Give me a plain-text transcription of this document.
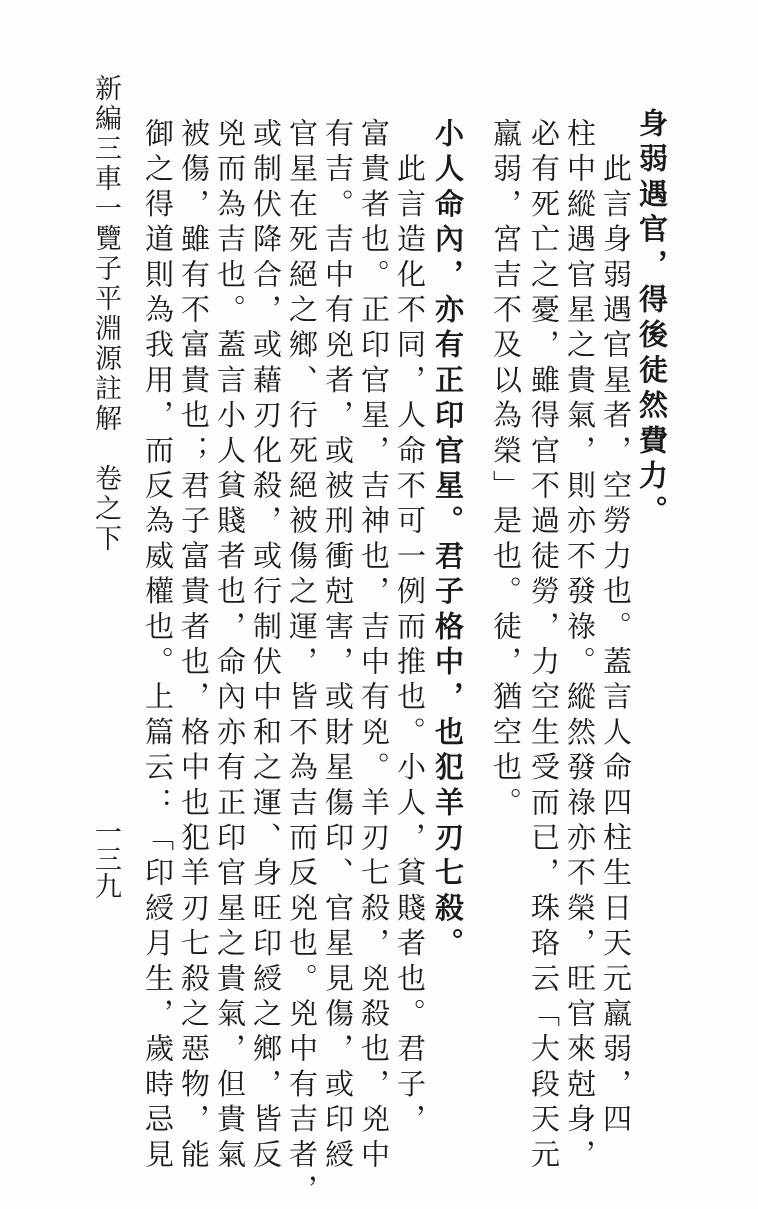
身弱遇官，得後徒然費力。
　此言身弱遇官星者，空勞力也。蓋言人命四柱生日天元羸弱，四
柱中縱遇官星之貴氣，則亦不發祿。縱然發祿亦不榮，旺官來尅身，
必有死亡之憂，雖得官不過徒勞，力空生受而已，珠珞云「大段天元
羸弱，宮吉不及以為榮」是也。徒，猶空也。
小人命內，亦有正印官星。君子格中，也犯羊刃七殺。
　此言造化不同，人命不可一例而推也。小人，貧賤者也。君子，
富貴者也。正印官星，吉神也，吉中有兇。羊刃七殺，兇殺也，兇中
有吉。吉中有兇者，或被刑衝尅害，或財星傷印、官星見傷，或印綬
官星在死絕之鄉、行死絕被傷之運，皆不為吉而反兇也。兇中有吉者，
或制伏降合，或藉刃化殺，或行制伏中和之運、身旺印綬之鄉，皆反
兇而為吉也。蓋言小人貧賤者也，命內亦有正印官星之貴氣，但貴氣
被傷，雖有不富貴也；君子富貴者也，格中也犯羊刃七殺之惡物，能
御之得道則為我用，而反為威權也。上篇云：「印綬月生，歲時忌見
新編三車一覽子平淵源註解　卷之下
一三九
